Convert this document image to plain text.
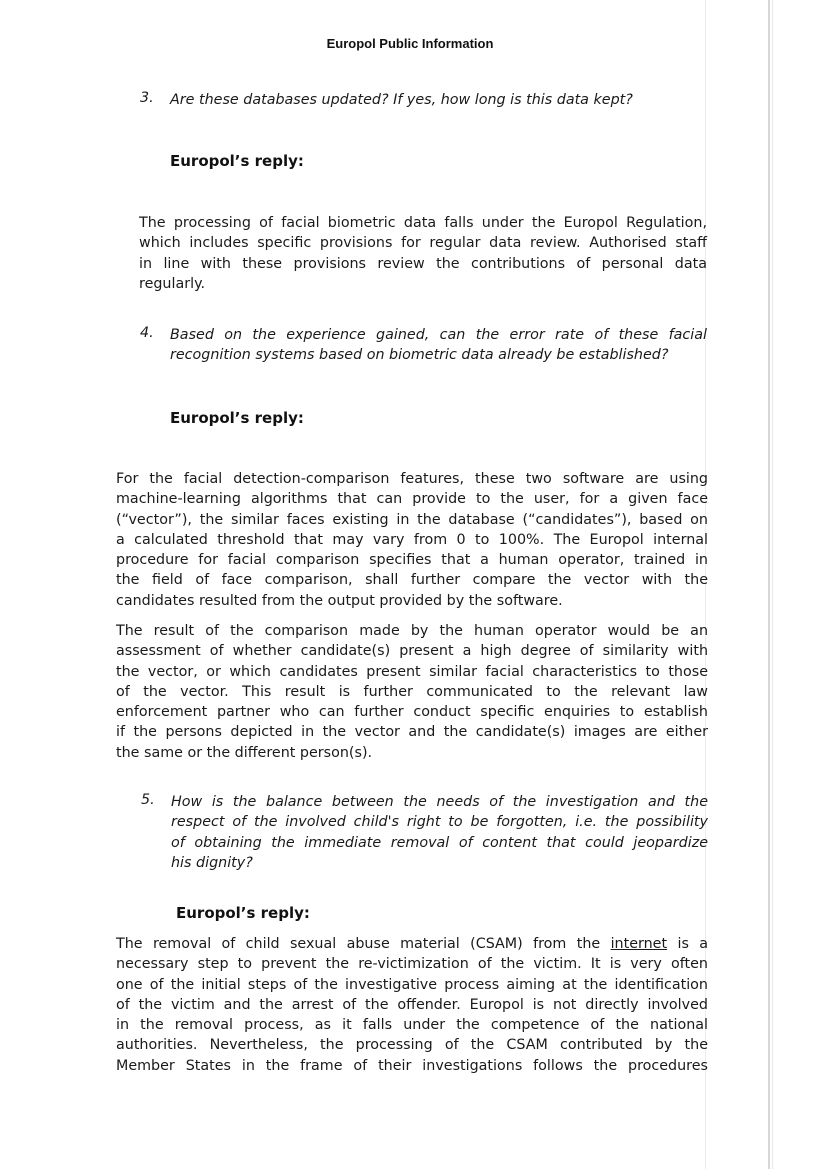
Europol Public Information
3. Are these databases updated? If yes, how long is this data kept?
Europol’s reply:
The processing of facial biometric data falls under the Europol Regulation,
which includes specific provisions for regular data review. Authorised staff
in line with these provisions review the contributions of personal data
regularly.
4. Based on the experience gained, can the error rate of these facial
recognition systems based on biometric data already be established?
Europol’s reply:
For the facial detection-comparison features, these two software are using
machine-learning algorithms that can provide to the user, for a given face
(“vector”), the similar faces existing in the database (“candidates”), based on
a calculated threshold that may vary from 0 to 100%. The Europol internal
procedure for facial comparison specifies that a human operator, trained in
the field of face comparison, shall further compare the vector with the
candidates resulted from the output provided by the software.
The result of the comparison made by the human operator would be an
assessment of whether candidate(s) present a high degree of similarity with
the vector, or which candidates present similar facial characteristics to those
of the vector. This result is further communicated to the relevant law
enforcement partner who can further conduct specific enquiries to establish
if the persons depicted in the vector and the candidate(s) images are either
the same or the different person(s).
5. How is the balance between the needs of the investigation and the
respect of the involved child's right to be forgotten, i.e. the possibility
of obtaining the immediate removal of content that could jeopardize
his dignity?
Europol’s reply:
The removal of child sexual abuse material (CSAM) from the internet is a
necessary step to prevent the re-victimization of the victim. It is very often
one of the initial steps of the investigative process aiming at the identification
of the victim and the arrest of the offender. Europol is not directly involved
in the removal process, as it falls under the competence of the national
authorities. Nevertheless, the processing of the CSAM contributed by the
Member States in the frame of their investigations follows the procedures
